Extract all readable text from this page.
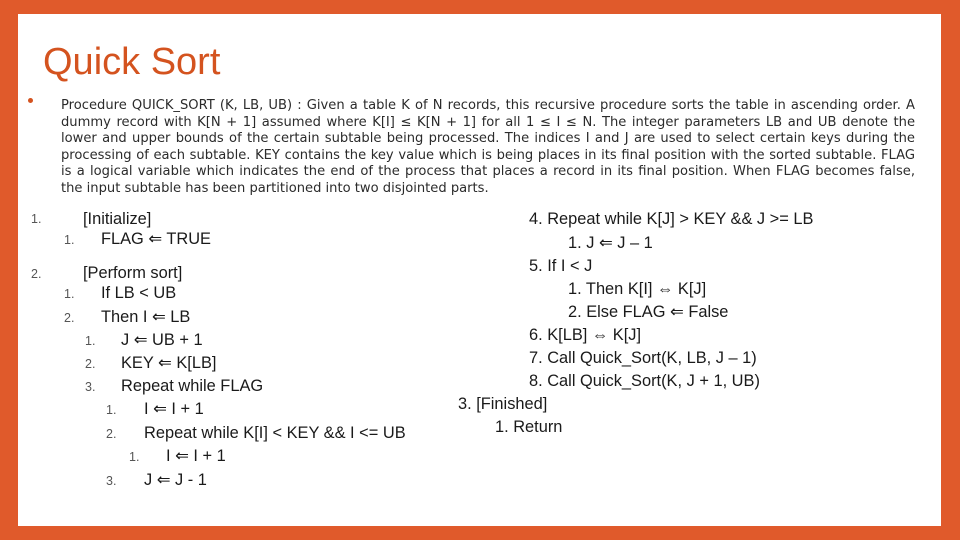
Quick Sort

Procedure QUICK_SORT (K, LB, UB) : Given a table K of N records, this recursive procedure sorts the table in ascending order. A dummy record with K[N + 1] assumed where K[I] ≤ K[N + 1] for all 1 ≤ I ≤ N. The integer parameters LB and UB denote the lower and upper bounds of the certain subtable being processed. The indices I and J are used to select certain keys during the processing of each subtable. KEY contains the key value which is being places in its final position with the sorted subtable. FLAG is a logical variable which indicates the end of the process that places a record in its final position. When FLAG becomes false, the input subtable has been partitioned into two disjointed parts.

1.	[Initialize]
1. FLAG ⇐ TRUE
2.	[Perform sort]
1. If LB < UB
2. Then I ⇐ LB
1. J ⇐ UB + 1
2. KEY ⇐ K[LB]
3. Repeat while FLAG
1. I ⇐ I + 1
2. Repeat while K[I] < KEY && I <= UB
1. I ⇐ I + 1
3. J ⇐ J - 1
4. Repeat while K[J] > KEY && J >= LB
1. J ⇐ J – 1
5. If I < J
1. Then K[I] ⇔ K[J]
2. Else FLAG ⇐ False
6. K[LB] ⇔ K[J]
7. Call Quick_Sort(K, LB, J – 1)
8. Call Quick_Sort(K, J + 1, UB)
3. [Finished]
1. Return
